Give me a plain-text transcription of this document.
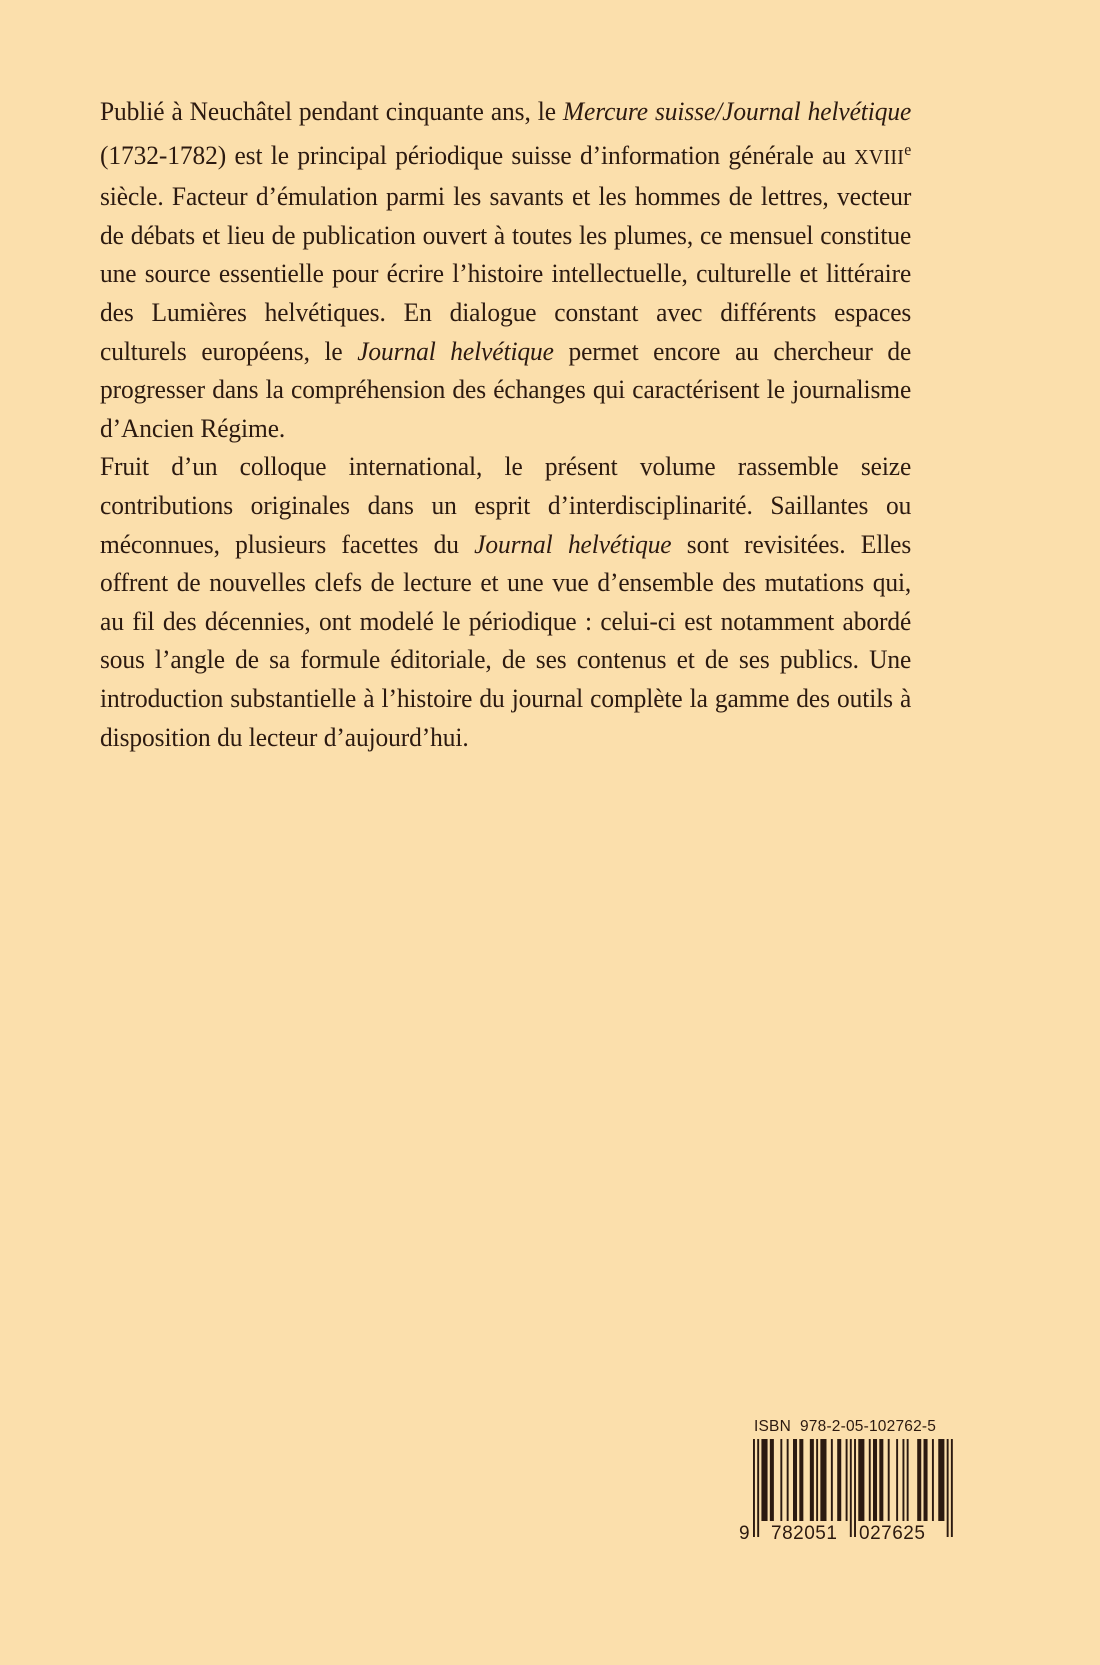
Publié à Neuchâtel pendant cinquante ans, le Mercure suisse/Journal helvétique (1732-1782) est le principal périodique suisse d’information générale au XVIIIe siècle. Facteur d’émulation parmi les savants et les hommes de lettres, vecteur de débats et lieu de publication ouvert à toutes les plumes, ce mensuel constitue une source essentielle pour écrire l’histoire intellectuelle, culturelle et littéraire des Lumières helvétiques. En dialogue constant avec différents espaces culturels européens, le Journal helvétique permet encore au chercheur de progresser dans la compréhension des échanges qui caractérisent le journalisme d’Ancien Régime.

Fruit d’un colloque international, le présent volume rassemble seize contributions originales dans un esprit d’interdisciplinarité. Saillantes ou méconnues, plusieurs facettes du Journal helvétique sont revisitées. Elles offrent de nouvelles clefs de lecture et une vue d’ensemble des mutations qui, au fil des décennies, ont modelé le périodique : celui-ci est notamment abordé sous l’angle de sa formule éditoriale, de ses contenus et de ses publics. Une introduction substantielle à l’histoire du journal complète la gamme des outils à disposition du lecteur d’aujourd’hui.

ISBN 978-2-05-102762-5
9 782051 027625
